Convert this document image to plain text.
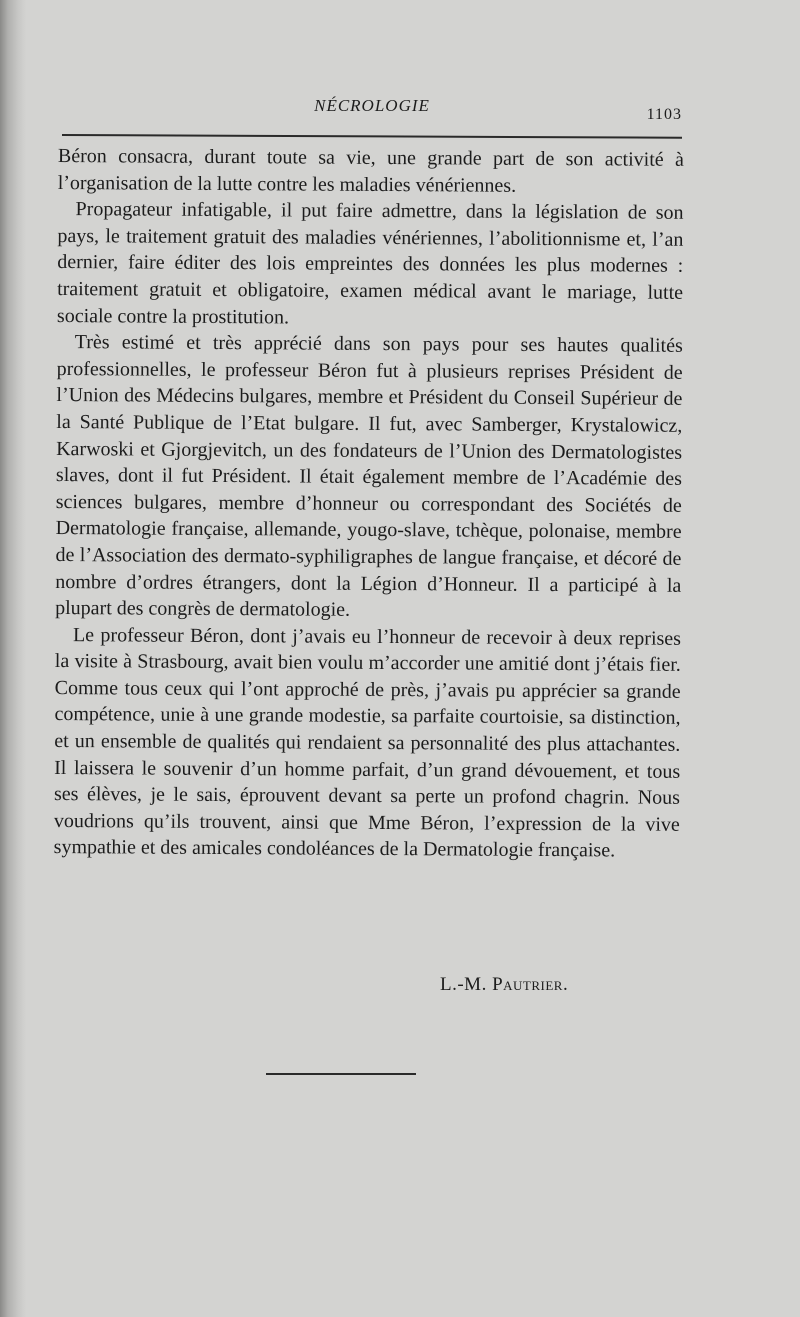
NÉCROLOGIE	1103

Béron consacra, durant toute sa vie, une grande part de son activité à l’organisation de la lutte contre les maladies vénériennes.

Propagateur infatigable, il put faire admettre, dans la législation de son pays, le traitement gratuit des maladies vénériennes, l’abolitionnisme et, l’an dernier, faire éditer des lois empreintes des données les plus modernes : traitement gratuit et obligatoire, examen médical avant le mariage, lutte sociale contre la prostitution.

Très estimé et très apprécié dans son pays pour ses hautes qualités professionnelles, le professeur Béron fut à plusieurs reprises Président de l’Union des Médecins bulgares, membre et Président du Conseil Supérieur de la Santé Publique de l’Etat bulgare. Il fut, avec Samberger, Krystalowicz, Karwoski et Gjorgjevitch, un des fondateurs de l’Union des Dermatologistes slaves, dont il fut Président. Il était également membre de l’Académie des sciences bulgares, membre d’honneur ou correspondant des Sociétés de Dermatologie française, allemande, yougo-slave, tchèque, polonaise, membre de l’Association des dermato-syphiligraphes de langue française, et décoré de nombre d’ordres étrangers, dont la Légion d’Honneur. Il a participé à la plupart des congrès de dermatologie.

Le professeur Béron, dont j’avais eu l’honneur de recevoir à deux reprises la visite à Strasbourg, avait bien voulu m’accorder une amitié dont j’étais fier. Comme tous ceux qui l’ont approché de près, j’avais pu apprécier sa grande compétence, unie à une grande modestie, sa parfaite courtoisie, sa distinction, et un ensemble de qualités qui rendaient sa personnalité des plus attachantes. Il laissera le souvenir d’un homme parfait, d’un grand dévouement, et tous ses élèves, je le sais, éprouvent devant sa perte un profond chagrin. Nous voudrions qu’ils trouvent, ainsi que Mme Béron, l’expression de la vive sympathie et des amicales condoléances de la Dermatologie française.

L.-M. Pautrier.
